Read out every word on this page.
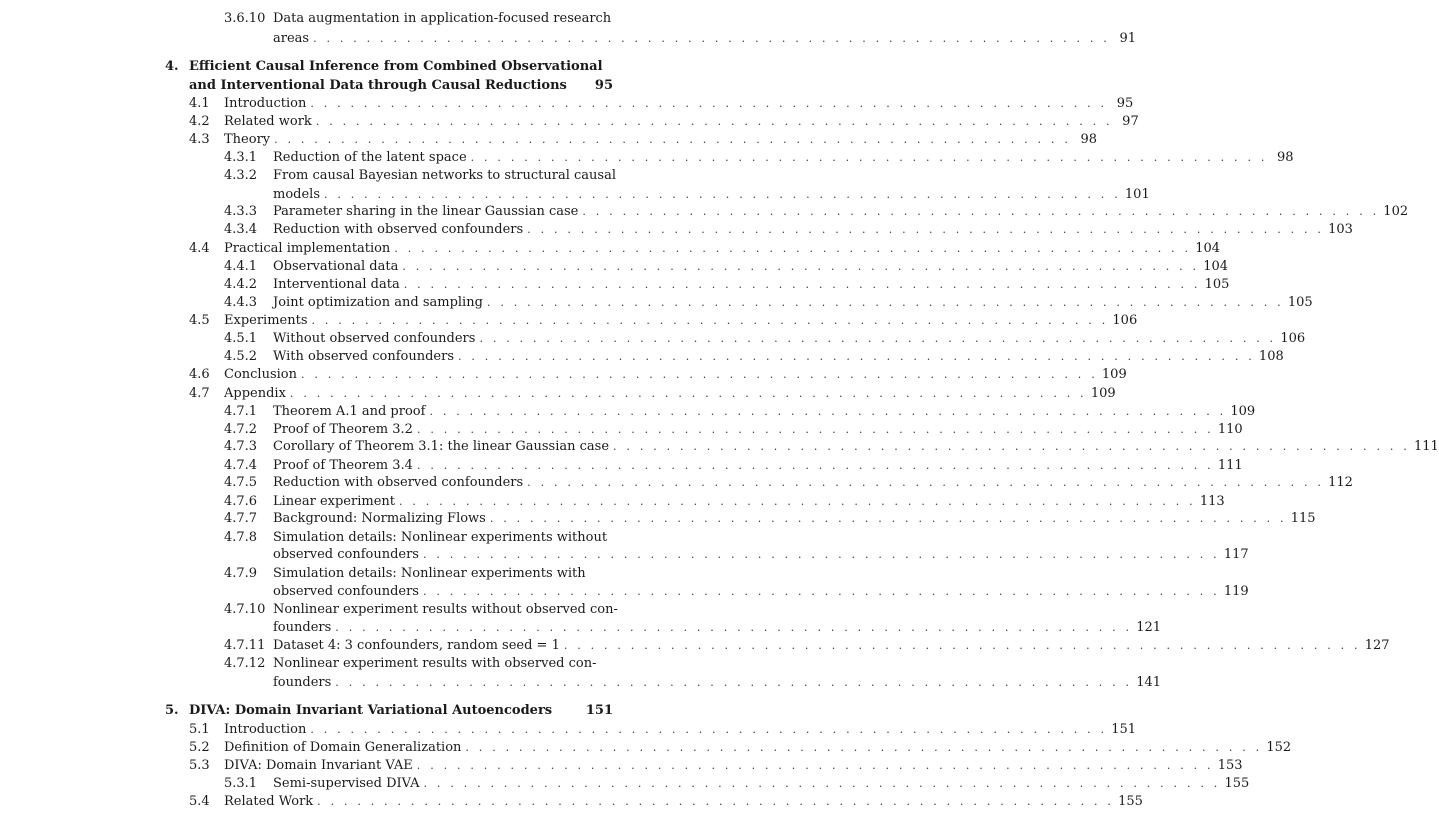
3.6.10 Data augmentation in application-focused research
areas . . . . . . . . . . . . . . . . . . . . . . . . . . . . . . . . . . . . . . . . . . . . . . . . . . . . . . . . . . . . 91
4. Efficient Causal Inference from Combined Observational
and Interventional Data through Causal Reductions	95
4.1	Introduction . . . . . . . . . . . . . . . . . . . . . . . . . . . . . . . . . . . . . . . . . . . . . . . . . . . . . . . . . . . . 95
4.2	Related work . . . . . . . . . . . . . . . . . . . . . . . . . . . . . . . . . . . . . . . . . . . . . . . . . . . . . . . . . . . . 97
4.3	Theory . . . . . . . . . . . . . . . . . . . . . . . . . . . . . . . . . . . . . . . . . . . . . . . . . . . . . . . . . . . . 98
4.3.1	Reduction of the latent space . . . . . . . . . . . . . . . . . . . . . . . . . . . . . . . . . . . . . . . . . . . . . . . . . . . . . . . . . . . . 98
4.3.2	From causal Bayesian networks to structural causal
models . . . . . . . . . . . . . . . . . . . . . . . . . . . . . . . . . . . . . . . . . . . . . . . . . . . . . . . . . . . . 101
4.3.3	Parameter sharing in the linear Gaussian case . . . . . . . . . . . . . . . . . . . . . . . . . . . . . . . . . . . . . . . . . . . . . . . . . . . . . . . . . . . . 102
4.3.4	Reduction with observed confounders . . . . . . . . . . . . . . . . . . . . . . . . . . . . . . . . . . . . . . . . . . . . . . . . . . . . . . . . . . . . 103
4.4	Practical implementation . . . . . . . . . . . . . . . . . . . . . . . . . . . . . . . . . . . . . . . . . . . . . . . . . . . . . . . . . . . . 104
4.4.1	Observational data . . . . . . . . . . . . . . . . . . . . . . . . . . . . . . . . . . . . . . . . . . . . . . . . . . . . . . . . . . . . 104
4.4.2	Interventional data . . . . . . . . . . . . . . . . . . . . . . . . . . . . . . . . . . . . . . . . . . . . . . . . . . . . . . . . . . . . 105
4.4.3	Joint optimization and sampling . . . . . . . . . . . . . . . . . . . . . . . . . . . . . . . . . . . . . . . . . . . . . . . . . . . . . . . . . . . . 105
4.5	Experiments . . . . . . . . . . . . . . . . . . . . . . . . . . . . . . . . . . . . . . . . . . . . . . . . . . . . . . . . . . . . 106
4.5.1	Without observed confounders . . . . . . . . . . . . . . . . . . . . . . . . . . . . . . . . . . . . . . . . . . . . . . . . . . . . . . . . . . . . 106
4.5.2	With observed confounders . . . . . . . . . . . . . . . . . . . . . . . . . . . . . . . . . . . . . . . . . . . . . . . . . . . . . . . . . . . . 108
4.6	Conclusion . . . . . . . . . . . . . . . . . . . . . . . . . . . . . . . . . . . . . . . . . . . . . . . . . . . . . . . . . . . . 109
4.7	Appendix . . . . . . . . . . . . . . . . . . . . . . . . . . . . . . . . . . . . . . . . . . . . . . . . . . . . . . . . . . . . 109
4.7.1	Theorem A.1 and proof . . . . . . . . . . . . . . . . . . . . . . . . . . . . . . . . . . . . . . . . . . . . . . . . . . . . . . . . . . . . 109
4.7.2	Proof of Theorem 3.2 . . . . . . . . . . . . . . . . . . . . . . . . . . . . . . . . . . . . . . . . . . . . . . . . . . . . . . . . . . . . 110
4.7.3	Corollary of Theorem 3.1: the linear Gaussian case . . . . . . . . . . . . . . . . . . . . . . . . . . . . . . . . . . . . . . . . . . . . . . . . . . . . . . . . . . . . 111
4.7.4	Proof of Theorem 3.4 . . . . . . . . . . . . . . . . . . . . . . . . . . . . . . . . . . . . . . . . . . . . . . . . . . . . . . . . . . . . 111
4.7.5	Reduction with observed confounders . . . . . . . . . . . . . . . . . . . . . . . . . . . . . . . . . . . . . . . . . . . . . . . . . . . . . . . . . . . . 112
4.7.6	Linear experiment . . . . . . . . . . . . . . . . . . . . . . . . . . . . . . . . . . . . . . . . . . . . . . . . . . . . . . . . . . . . 113
4.7.7	Background: Normalizing Flows . . . . . . . . . . . . . . . . . . . . . . . . . . . . . . . . . . . . . . . . . . . . . . . . . . . . . . . . . . . . 115
4.7.8	Simulation details: Nonlinear experiments without
observed confounders . . . . . . . . . . . . . . . . . . . . . . . . . . . . . . . . . . . . . . . . . . . . . . . . . . . . . . . . . . . . 117
4.7.9	Simulation details: Nonlinear experiments with
observed confounders . . . . . . . . . . . . . . . . . . . . . . . . . . . . . . . . . . . . . . . . . . . . . . . . . . . . . . . . . . . . 119
4.7.10 Nonlinear experiment results without observed con-
founders . . . . . . . . . . . . . . . . . . . . . . . . . . . . . . . . . . . . . . . . . . . . . . . . . . . . . . . . . . . . 121
4.7.11 Dataset 4: 3 confounders, random seed = 1 . . . . . . . . . . . . . . . . . . . . . . . . . . . . . . . . . . . . . . . . . . . . . . . . . . . . . . . . . . . . 127
4.7.12 Nonlinear experiment results with observed con-
founders . . . . . . . . . . . . . . . . . . . . . . . . . . . . . . . . . . . . . . . . . . . . . . . . . . . . . . . . . . . . 141
5. DIVA: Domain Invariant Variational Autoencoders	151
5.1	Introduction . . . . . . . . . . . . . . . . . . . . . . . . . . . . . . . . . . . . . . . . . . . . . . . . . . . . . . . . . . . . 151
5.2	Definition of Domain Generalization . . . . . . . . . . . . . . . . . . . . . . . . . . . . . . . . . . . . . . . . . . . . . . . . . . . . . . . . . . . . 152
5.3	DIVA: Domain Invariant VAE . . . . . . . . . . . . . . . . . . . . . . . . . . . . . . . . . . . . . . . . . . . . . . . . . . . . . . . . . . . . 153
5.3.1	Semi-supervised DIVA . . . . . . . . . . . . . . . . . . . . . . . . . . . . . . . . . . . . . . . . . . . . . . . . . . . . . . . . . . . . 155
5.4	Related Work . . . . . . . . . . . . . . . . . . . . . . . . . . . . . . . . . . . . . . . . . . . . . . . . . . . . . . . . . . . . 155
